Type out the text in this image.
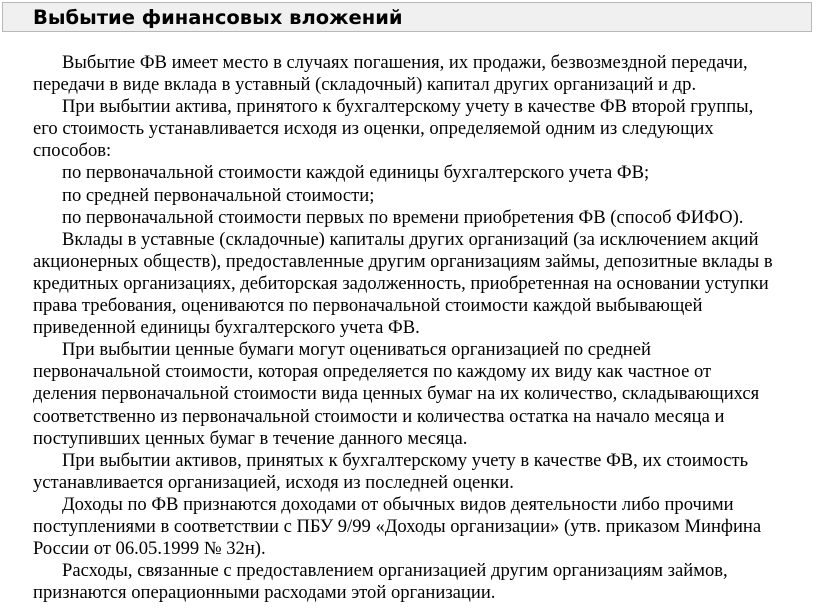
Выбытие финансовых вложений

Выбытие ФВ имеет место в случаях погашения, их продажи, безвозмездной передачи,

передачи в виде вклада в уставный (складочный) капитал других организаций и др.

При выбытии актива, принятого к бухгалтерскому учету в качестве ФВ второй группы,

его стоимость устанавливается исходя из оценки, определяемой одним из следующих

способов:

по первоначальной стоимости каждой единицы бухгалтерского учета ФВ;

по средней первоначальной стоимости;

по первоначальной стоимости первых по времени приобретения ФВ (способ ФИФО).

Вклады в уставные (складочные) капиталы других организаций (за исключением акций

акционерных обществ), предоставленные другим организациям займы, депозитные вклады в

кредитных организациях, дебиторская задолженность, приобретенная на основании уступки

права требования, оцениваются по первоначальной стоимости каждой выбывающей

приведенной единицы бухгалтерского учета ФВ.

При выбытии ценные бумаги могут оцениваться организацией по средней

первоначальной стоимости, которая определяется по каждому их виду как частное от

деления первоначальной стоимости вида ценных бумаг на их количество, складывающихся

соответственно из первоначальной стоимости и количества остатка на начало месяца и

поступивших ценных бумаг в течение данного месяца.

При выбытии активов, принятых к бухгалтерскому учету в качестве ФВ, их стоимость

устанавливается организацией, исходя из последней оценки.

Доходы по ФВ признаются доходами от обычных видов деятельности либо прочими

поступлениями в соответствии с ПБУ 9/99 «Доходы организации» (утв. приказом Минфина

России от 06.05.1999 № 32н).

Расходы, связанные с предоставлением организацией другим организациям займов,

признаются операционными расходами этой организации.
